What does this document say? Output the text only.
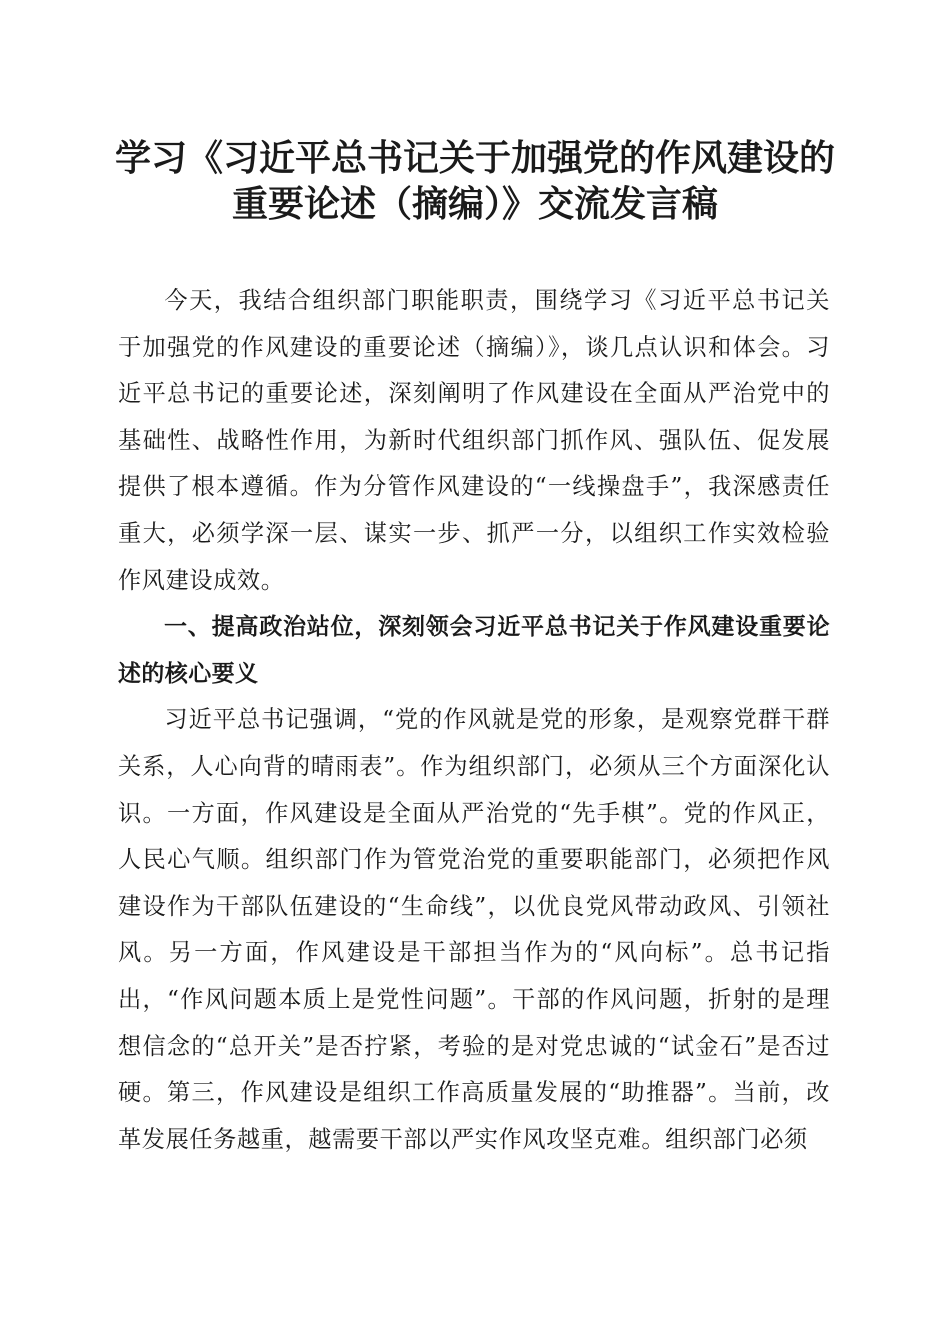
学习《习近平总书记关于加强党的作风建设的
重要论述（摘编）》交流发言稿

今天，我结合组织部门职能职责，围绕学习《习近平总书记关于加强党的作风建设的重要论述（摘编）》，谈几点认识和体会。习近平总书记的重要论述，深刻阐明了作风建设在全面从严治党中的基础性、战略性作用，为新时代组织部门抓作风、强队伍、促发展提供了根本遵循。作为分管作风建设的“一线操盘手”，我深感责任重大，必须学深一层、谋实一步、抓严一分，以组织工作实效检验作风建设成效。

一、提高政治站位，深刻领会习近平总书记关于作风建设重要论述的核心要义

习近平总书记强调，“党的作风就是党的形象，是观察党群干群关系，人心向背的晴雨表”。作为组织部门，必须从三个方面深化认识。一方面，作风建设是全面从严治党的“先手棋”。党的作风正，人民心气顺。组织部门作为管党治党的重要职能部门，必须把作风建设作为干部队伍建设的“生命线”，以优良党风带动政风、引领社风。另一方面，作风建设是干部担当作为的“风向标”。总书记指出，“作风问题本质上是党性问题”。干部的作风问题，折射的是理想信念的“总开关”是否拧紧，考验的是对党忠诚的“试金石”是否过硬。第三，作风建设是组织工作高质量发展的“助推器”。当前，改革发展任务越重，越需要干部以严实作风攻坚克难。组织部门必须
